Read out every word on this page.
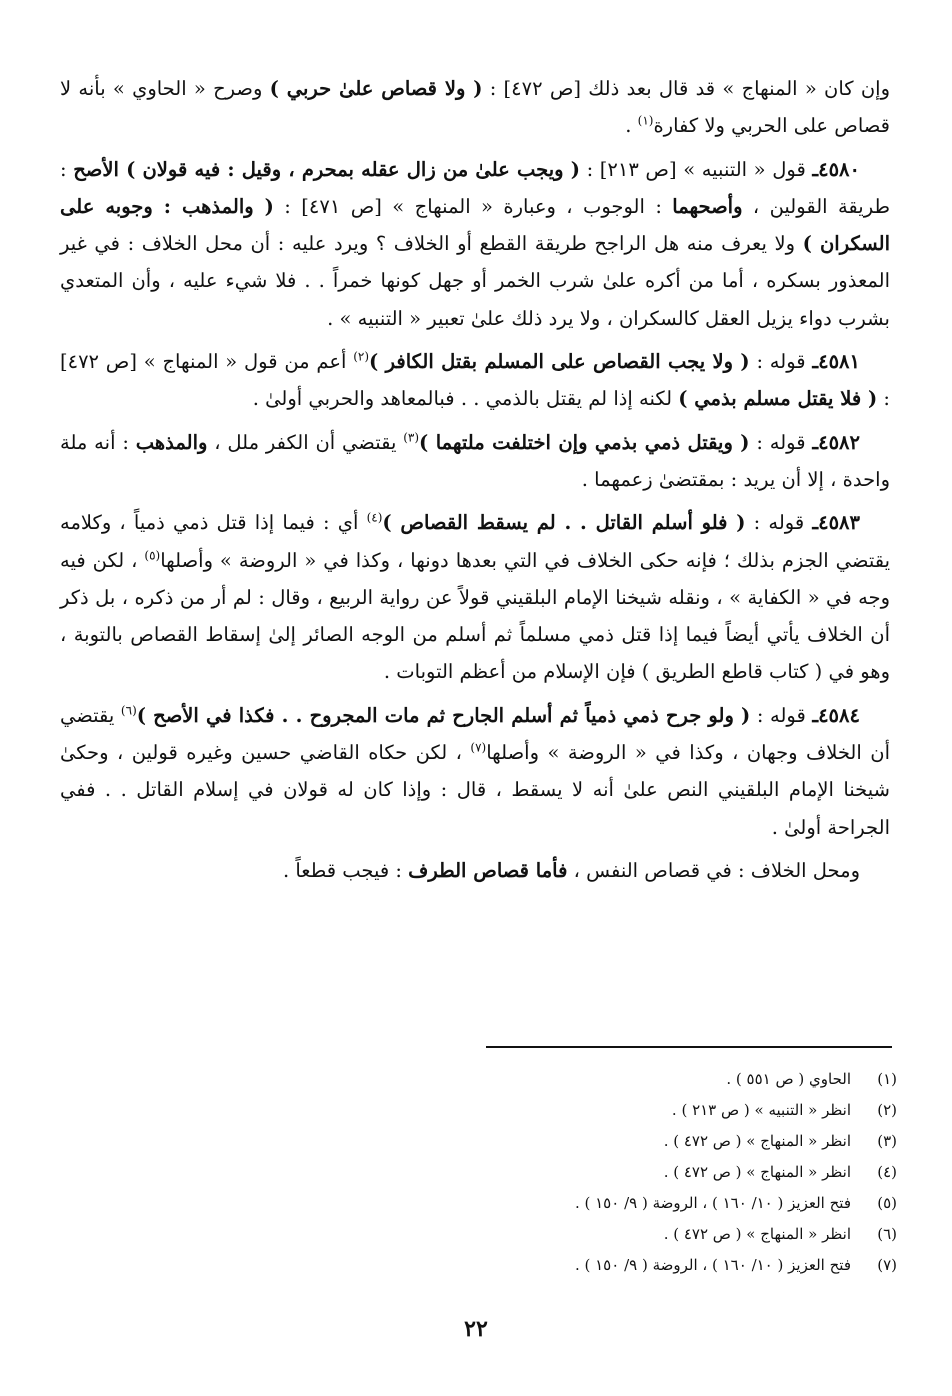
وإن كان « المنهاج » قد قال بعد ذلك [ص ٤٧٢] : ( ولا قصاص علىٰ حربي ) وصرح « الحاوي » بأنه لا قصاص على الحربي ولا كفارة$^{(١)}$ .

٤٥٨٠ـ قول « التنبيه » [ص ٢١٣] : ( ويجب علىٰ من زال عقله بمحرم ، وقيل : فيه قولان ) الأصح : طريقة القولين ، وأصحهما : الوجوب ، وعبارة « المنهاج » [ص ٤٧١] : ( والمذهب : وجوبه على السكران ) ولا يعرف منه هل الراجح طريقة القطع أو الخلاف ؟ ويرد عليه : أن محل الخلاف : في غير المعذور بسكره ، أما من أكره علىٰ شرب الخمر أو جهل كونها خمراً . . فلا شيء عليه ، وأن المتعدي بشرب دواء يزيل العقل كالسكران ، ولا يرد ذلك علىٰ تعبير « التنبيه » .

٤٥٨١ـ قوله : ( ولا يجب القصاص على المسلم بقتل الكافر )$^{(٢)}$ أعم من قول « المنهاج » [ص ٤٧٢] : ( فلا يقتل مسلم بذمي ) لكنه إذا لم يقتل بالذمي . . فبالمعاهد والحربي أولىٰ .

٤٥٨٢ـ قوله : ( ويقتل ذمي بذمي وإن اختلفت ملتهما )$^{(٣)}$ يقتضي أن الكفر ملل ، والمذهب : أنه ملة واحدة ، إلا أن يريد : بمقتضىٰ زعمهما .

٤٥٨٣ـ قوله : ( فلو أسلم القاتل . . لم يسقط القصاص )$^{(٤)}$ أي : فيما إذا قتل ذمي ذمياً ، وكلامه يقتضي الجزم بذلك ؛ فإنه حكى الخلاف في التي بعدها دونها ، وكذا في « الروضة » وأصلها$^{(٥)}$ ، لكن فيه وجه في « الكفاية » ، ونقله شيخنا الإمام البلقيني قولاً عن رواية الربيع ، وقال : لم أر من ذكره ، بل ذكر أن الخلاف يأتي أيضاً فيما إذا قتل ذمي مسلماً ثم أسلم من الوجه الصائر إلىٰ إسقاط القصاص بالتوبة ، وهو في ( كتاب قاطع الطريق ) فإن الإسلام من أعظم التوبات .

٤٥٨٤ـ قوله : ( ولو جرح ذمي ذمياً ثم أسلم الجارح ثم مات المجروح . . فكذا في الأصح )$^{(٦)}$ يقتضي أن الخلاف وجهان ، وكذا في « الروضة » وأصلها$^{(٧)}$ ، لكن حكاه القاضي حسين وغيره قولين ، وحكىٰ شيخنا الإمام البلقيني النص علىٰ أنه لا يسقط ، قال : وإذا كان له قولان في إسلام القاتل . . ففي الجراحة أولىٰ .

ومحل الخلاف : في قصاص النفس ، فأما قصاص الطرف : فيجب قطعاً .

(١)
الحاوي ( ص ٥٥١ ) .
(٢)
انظر « التنبيه » ( ص ٢١٣ ) .
(٣)
انظر « المنهاج » ( ص ٤٧٢ ) .
(٤)
انظر « المنهاج » ( ص ٤٧٢ ) .
(٥)
فتح العزيز ( ١٠/ ١٦٠ ) ، الروضة ( ٩/ ١٥٠ ) .
(٦)
انظر « المنهاج » ( ص ٤٧٢ ) .
(٧)
فتح العزيز ( ١٠/ ١٦٠ ) ، الروضة ( ٩/ ١٥٠ ) .
٢٢
